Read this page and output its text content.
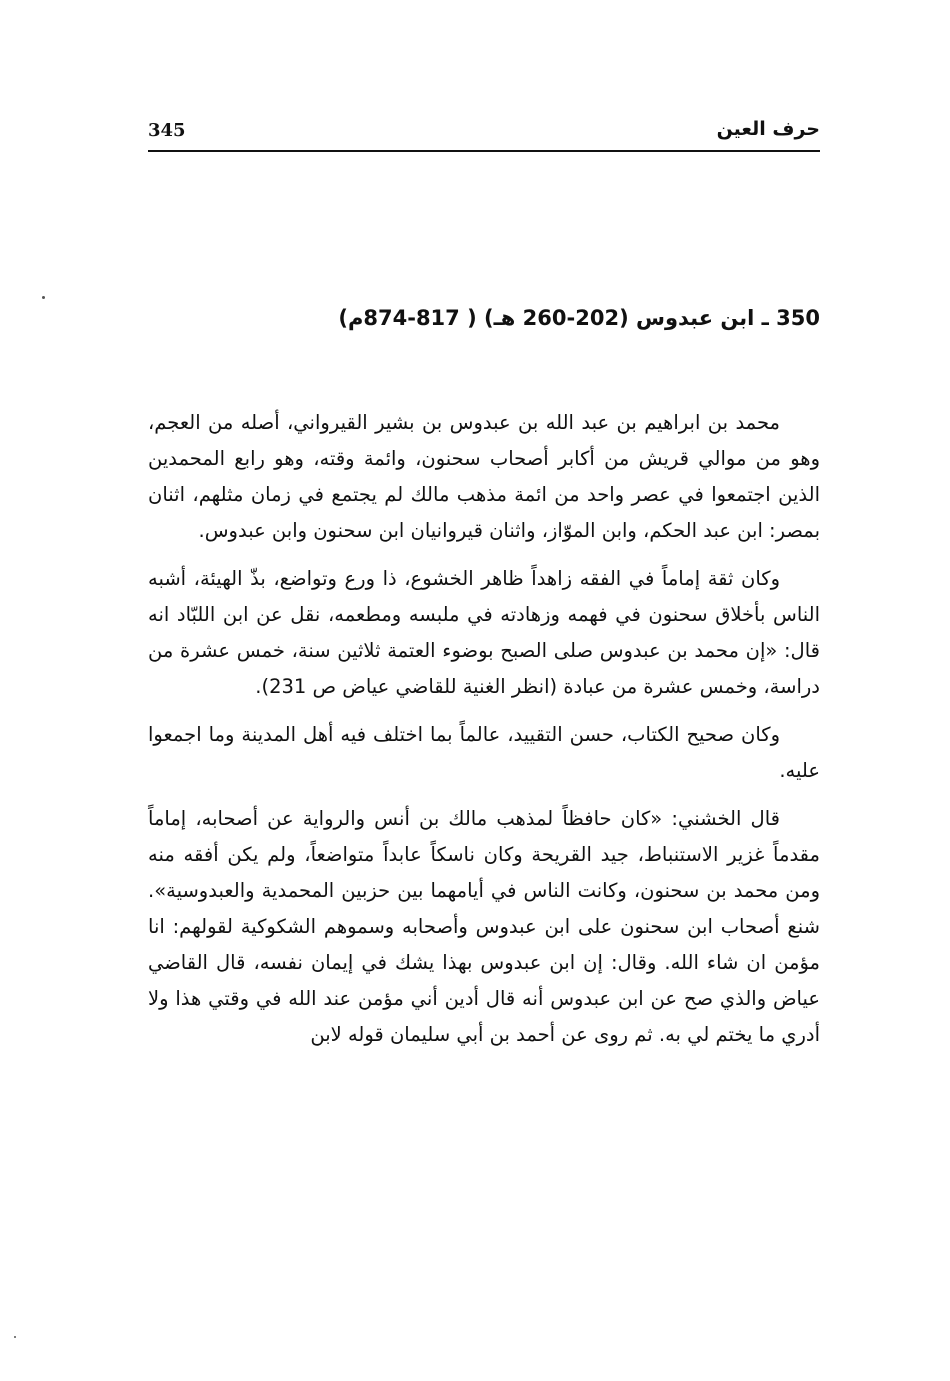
حرف العين
345
350 ـ ابن عبدوس (202-260 هـ) ( 817-874م)

محمد بن ابراهيم بن عبد الله بن عبدوس بن بشير القيرواني، أصله من العجم، وهو من موالي قريش من أكابر أصحاب سحنون، وائمة وقته، وهو رابع المحمدين الذين اجتمعوا في عصر واحد من ائمة مذهب مالك لم يجتمع في زمان مثلهم، اثنان بمصر: ابن عبد الحكم، وابن الموّاز، واثنان قيروانيان ابن سحنون وابن عبدوس.

وكان ثقة إماماً في الفقه زاهداً ظاهر الخشوع، ذا ورع وتواضع، بذّ الهيئة، أشبه الناس بأخلاق سحنون في فهمه وزهادته في ملبسه ومطعمه، نقل عن ابن اللبّاد انه قال: «إن محمد بن عبدوس صلى الصبح بوضوء العتمة ثلاثين سنة، خمس عشرة من دراسة، وخمس عشرة من عبادة (انظر الغنية للقاضي عياض ص 231).

وكان صحيح الكتاب، حسن التقييد، عالماً بما اختلف فيه أهل المدينة وما اجمعوا عليه.

قال الخشني: «كان حافظاً لمذهب مالك بن أنس والرواية عن أصحابه، إماماً مقدماً غزير الاستنباط، جيد القريحة وكان ناسكاً عابداً متواضعاً، ولم يكن أفقه منه ومن محمد بن سحنون، وكانت الناس في أيامهما بين حزبين المحمدية والعبدوسية». شنع أصحاب ابن سحنون على ابن عبدوس وأصحابه وسموهم الشكوكية لقولهم: انا مؤمن ان شاء الله. وقال: إن ابن عبدوس بهذا يشك في إيمان نفسه، قال القاضي عياض والذي صح عن ابن عبدوس أنه قال أدين أني مؤمن عند الله في وقتي هذا ولا أدري ما يختم لي به. ثم روى عن أحمد بن أبي سليمان قوله لابن
